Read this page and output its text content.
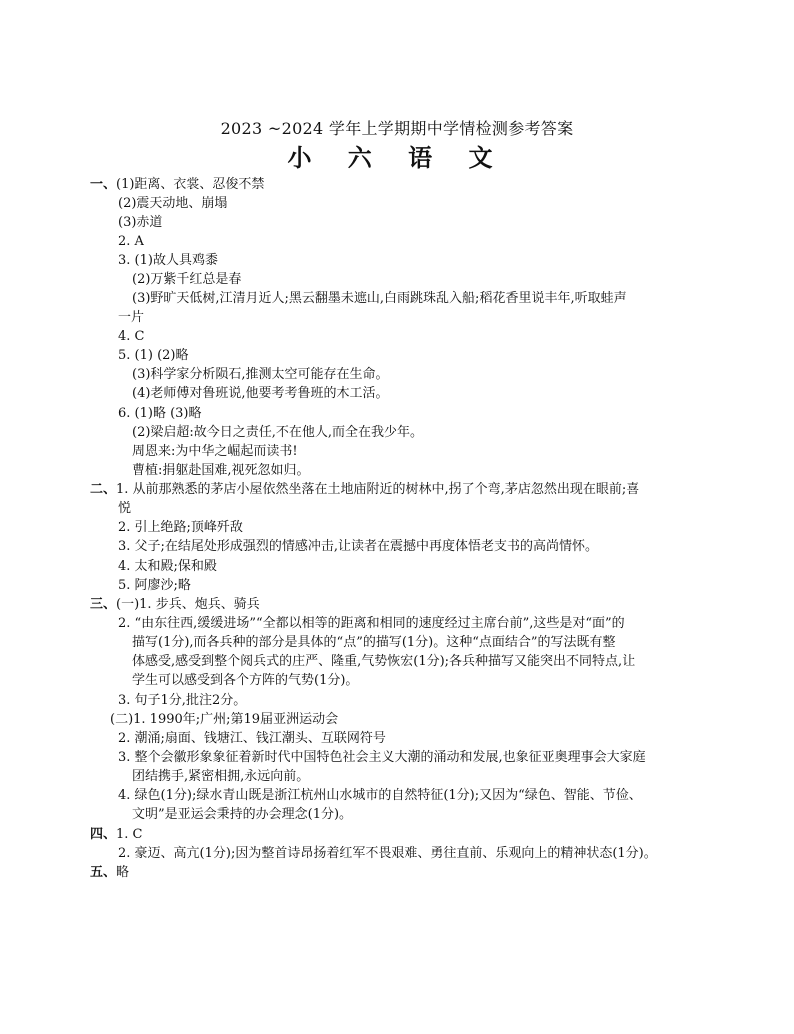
2023 ~2024 学年上学期期中学情检测参考答案
小 六 语 文
一、(1)距离、衣裳、忍俊不禁
(2)震天动地、崩塌
(3)赤道
2. A
3. (1)故人具鸡黍
(2)万紫千红总是春
(3)野旷天低树,江清月近人;黑云翻墨未遮山,白雨跳珠乱入船;稻花香里说丰年,听取蛙声
一片
4. C
5. (1) (2)略
(3)科学家分析陨石,推测太空可能存在生命。
(4)老师傅对鲁班说,他要考考鲁班的木工活。
6. (1)略 (3)略
(2)梁启超:故今日之责任,不在他人,而全在我少年。
周恩来:为中华之崛起而读书!
曹植:捐躯赴国难,视死忽如归。
二、1. 从前那熟悉的茅店小屋依然坐落在土地庙附近的树林中,拐了个弯,茅店忽然出现在眼前;喜
悦
2. 引上绝路;顶峰歼敌
3. 父子;在结尾处形成强烈的情感冲击,让读者在震撼中再度体悟老支书的高尚情怀。
4. 太和殿;保和殿
5. 阿廖沙;略
三、(一)1. 步兵、炮兵、骑兵
2. “由东往西,缓缓进场”“全都以相等的距离和相同的速度经过主席台前”,这些是对“面”的
描写(1分),而各兵种的部分是具体的“点”的描写(1分)。这种“点面结合”的写法既有整
体感受,感受到整个阅兵式的庄严、隆重,气势恢宏(1分);各兵种描写又能突出不同特点,让
学生可以感受到各个方阵的气势(1分)。
3. 句子1分,批注2分。
(二)1. 1990年;广州;第19届亚洲运动会
2. 潮涌;扇面、钱塘江、钱江潮头、互联网符号
3. 整个会徽形象象征着新时代中国特色社会主义大潮的涌动和发展,也象征亚奥理事会大家庭
团结携手,紧密相拥,永远向前。
4. 绿色(1分);绿水青山既是浙江杭州山水城市的自然特征(1分);又因为“绿色、智能、节俭、
文明”是亚运会秉持的办会理念(1分)。
四、1. C
2. 豪迈、高亢(1分);因为整首诗昂扬着红军不畏艰难、勇往直前、乐观向上的精神状态(1分)。
五、略
